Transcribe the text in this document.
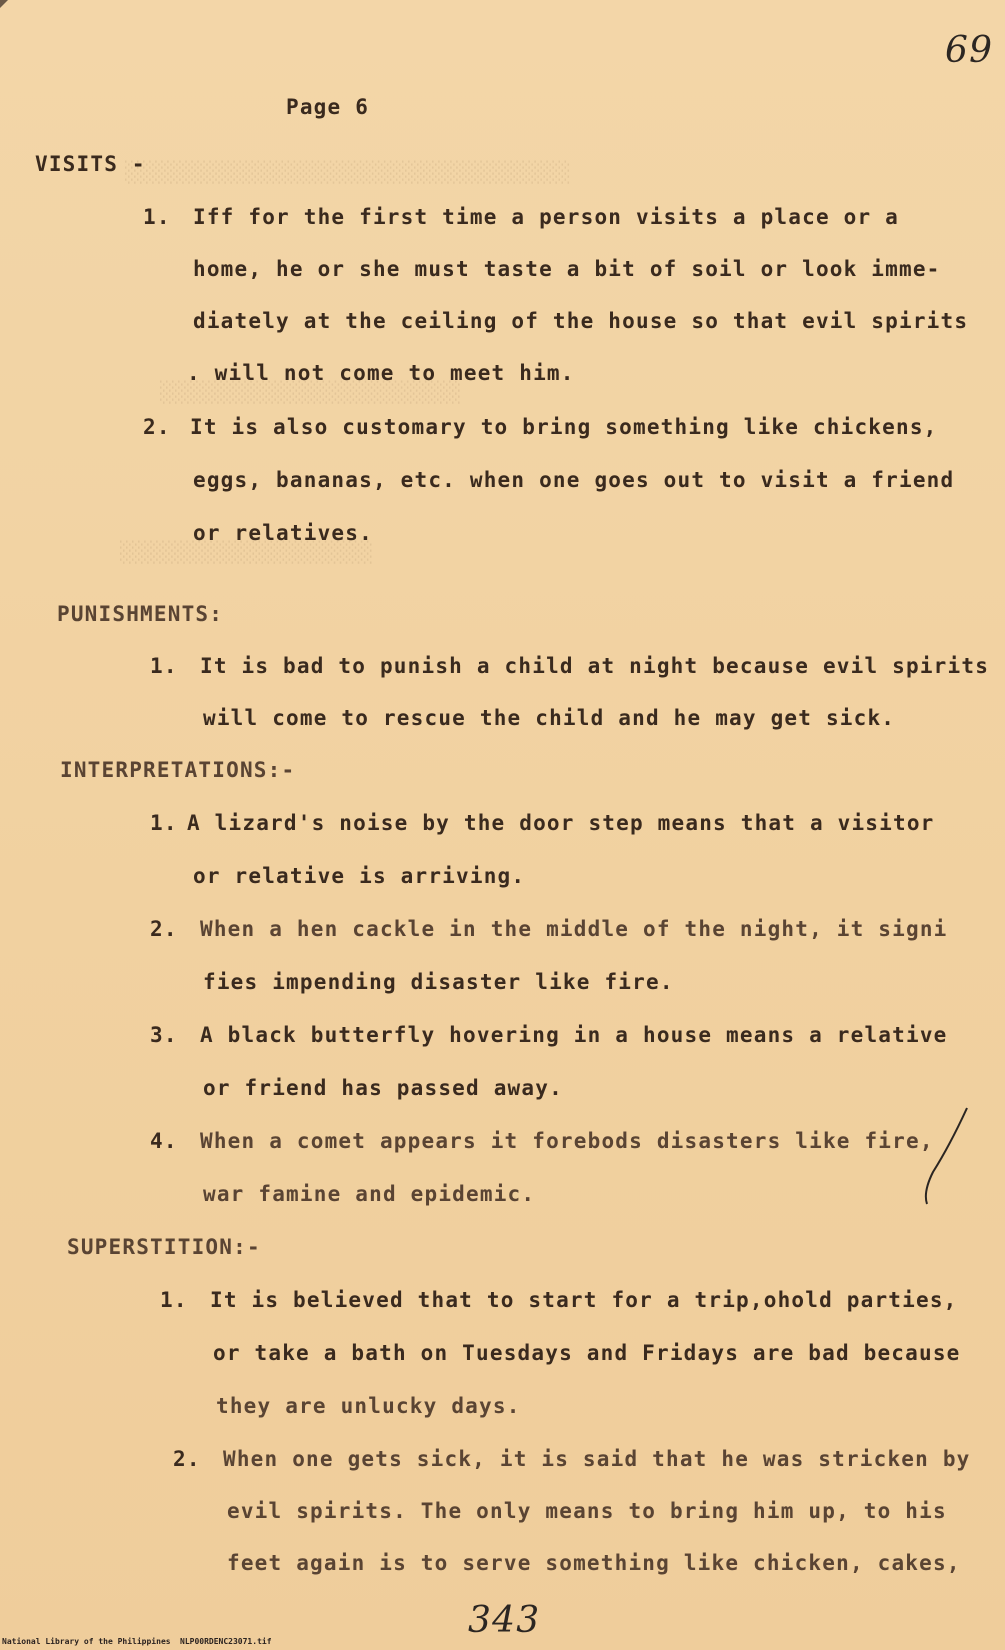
░░░░░░░░░░░░░░░░░░░░░░░░░░░░░░░░░░░░░
░░░░░░░░░░░░░░░░░░░░░░░░░
░░░░░░░░░░░░░░░░░░░░░
69
Page 6
VISITS -
1. Iff for the first time a person visits a place or a
home, he or she must taste a bit of soil or look imme-
diately at the ceiling of the house so that evil spirits
. will not come to meet him.
2. It is also customary to bring something like chickens,
eggs, bananas, etc. when one goes out to visit a friend
or relatives.
PUNISHMENTS:
1. It is bad to punish a child at night because evil spirits
will come to rescue the child and he may get sick.
INTERPRETATIONS:-
1. A lizard's noise by the door step means that a visitor
or relative is arriving.
2. When a hen cackle in the middle of the night, it signi
fies impending disaster like fire.
3. A black butterfly hovering in a house means a relative
or friend has passed away.
4. When a comet appears it forebods disasters like fire,
war famine and epidemic.
SUPERSTITION:-
1. It is believed that to start for a trip,ohold parties,
or take a bath on Tuesdays and Fridays are bad because
they are unlucky days.
2. When one gets sick, it is said that he was stricken by
evil spirits. The only means to bring him up, to his
feet again is to serve something like chicken, cakes,
343
National Library of the Philippines NLP00RDENC23071.tif
